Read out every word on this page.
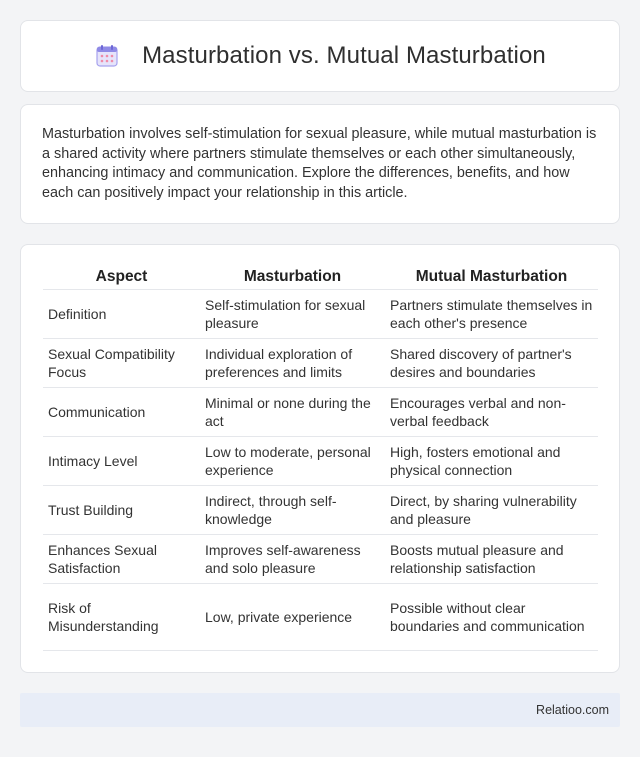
Masturbation vs. Mutual Masturbation

Masturbation involves self-stimulation for sexual pleasure, while mutual masturbation is a shared activity where partners stimulate themselves or each other simultaneously, enhancing intimacy and communication. Explore the differences, benefits, and how each can positively impact your relationship in this article.

Aspect	Masturbation	Mutual Masturbation
Definition	Self-stimulation for sexual pleasure	Partners stimulate themselves in each other's presence
Sexual Compatibility Focus	Individual exploration of preferences and limits	Shared discovery of partner's desires and boundaries
Communication	Minimal or none during the act	Encourages verbal and non-verbal feedback
Intimacy Level	Low to moderate, personal experience	High, fosters emotional and physical connection
Trust Building	Indirect, through self-knowledge	Direct, by sharing vulnerability and pleasure
Enhances Sexual Satisfaction	Improves self-awareness and solo pleasure	Boosts mutual pleasure and relationship satisfaction
Risk of Misunderstanding	Low, private experience	Possible without clear boundaries and communication
Relatioo.com
